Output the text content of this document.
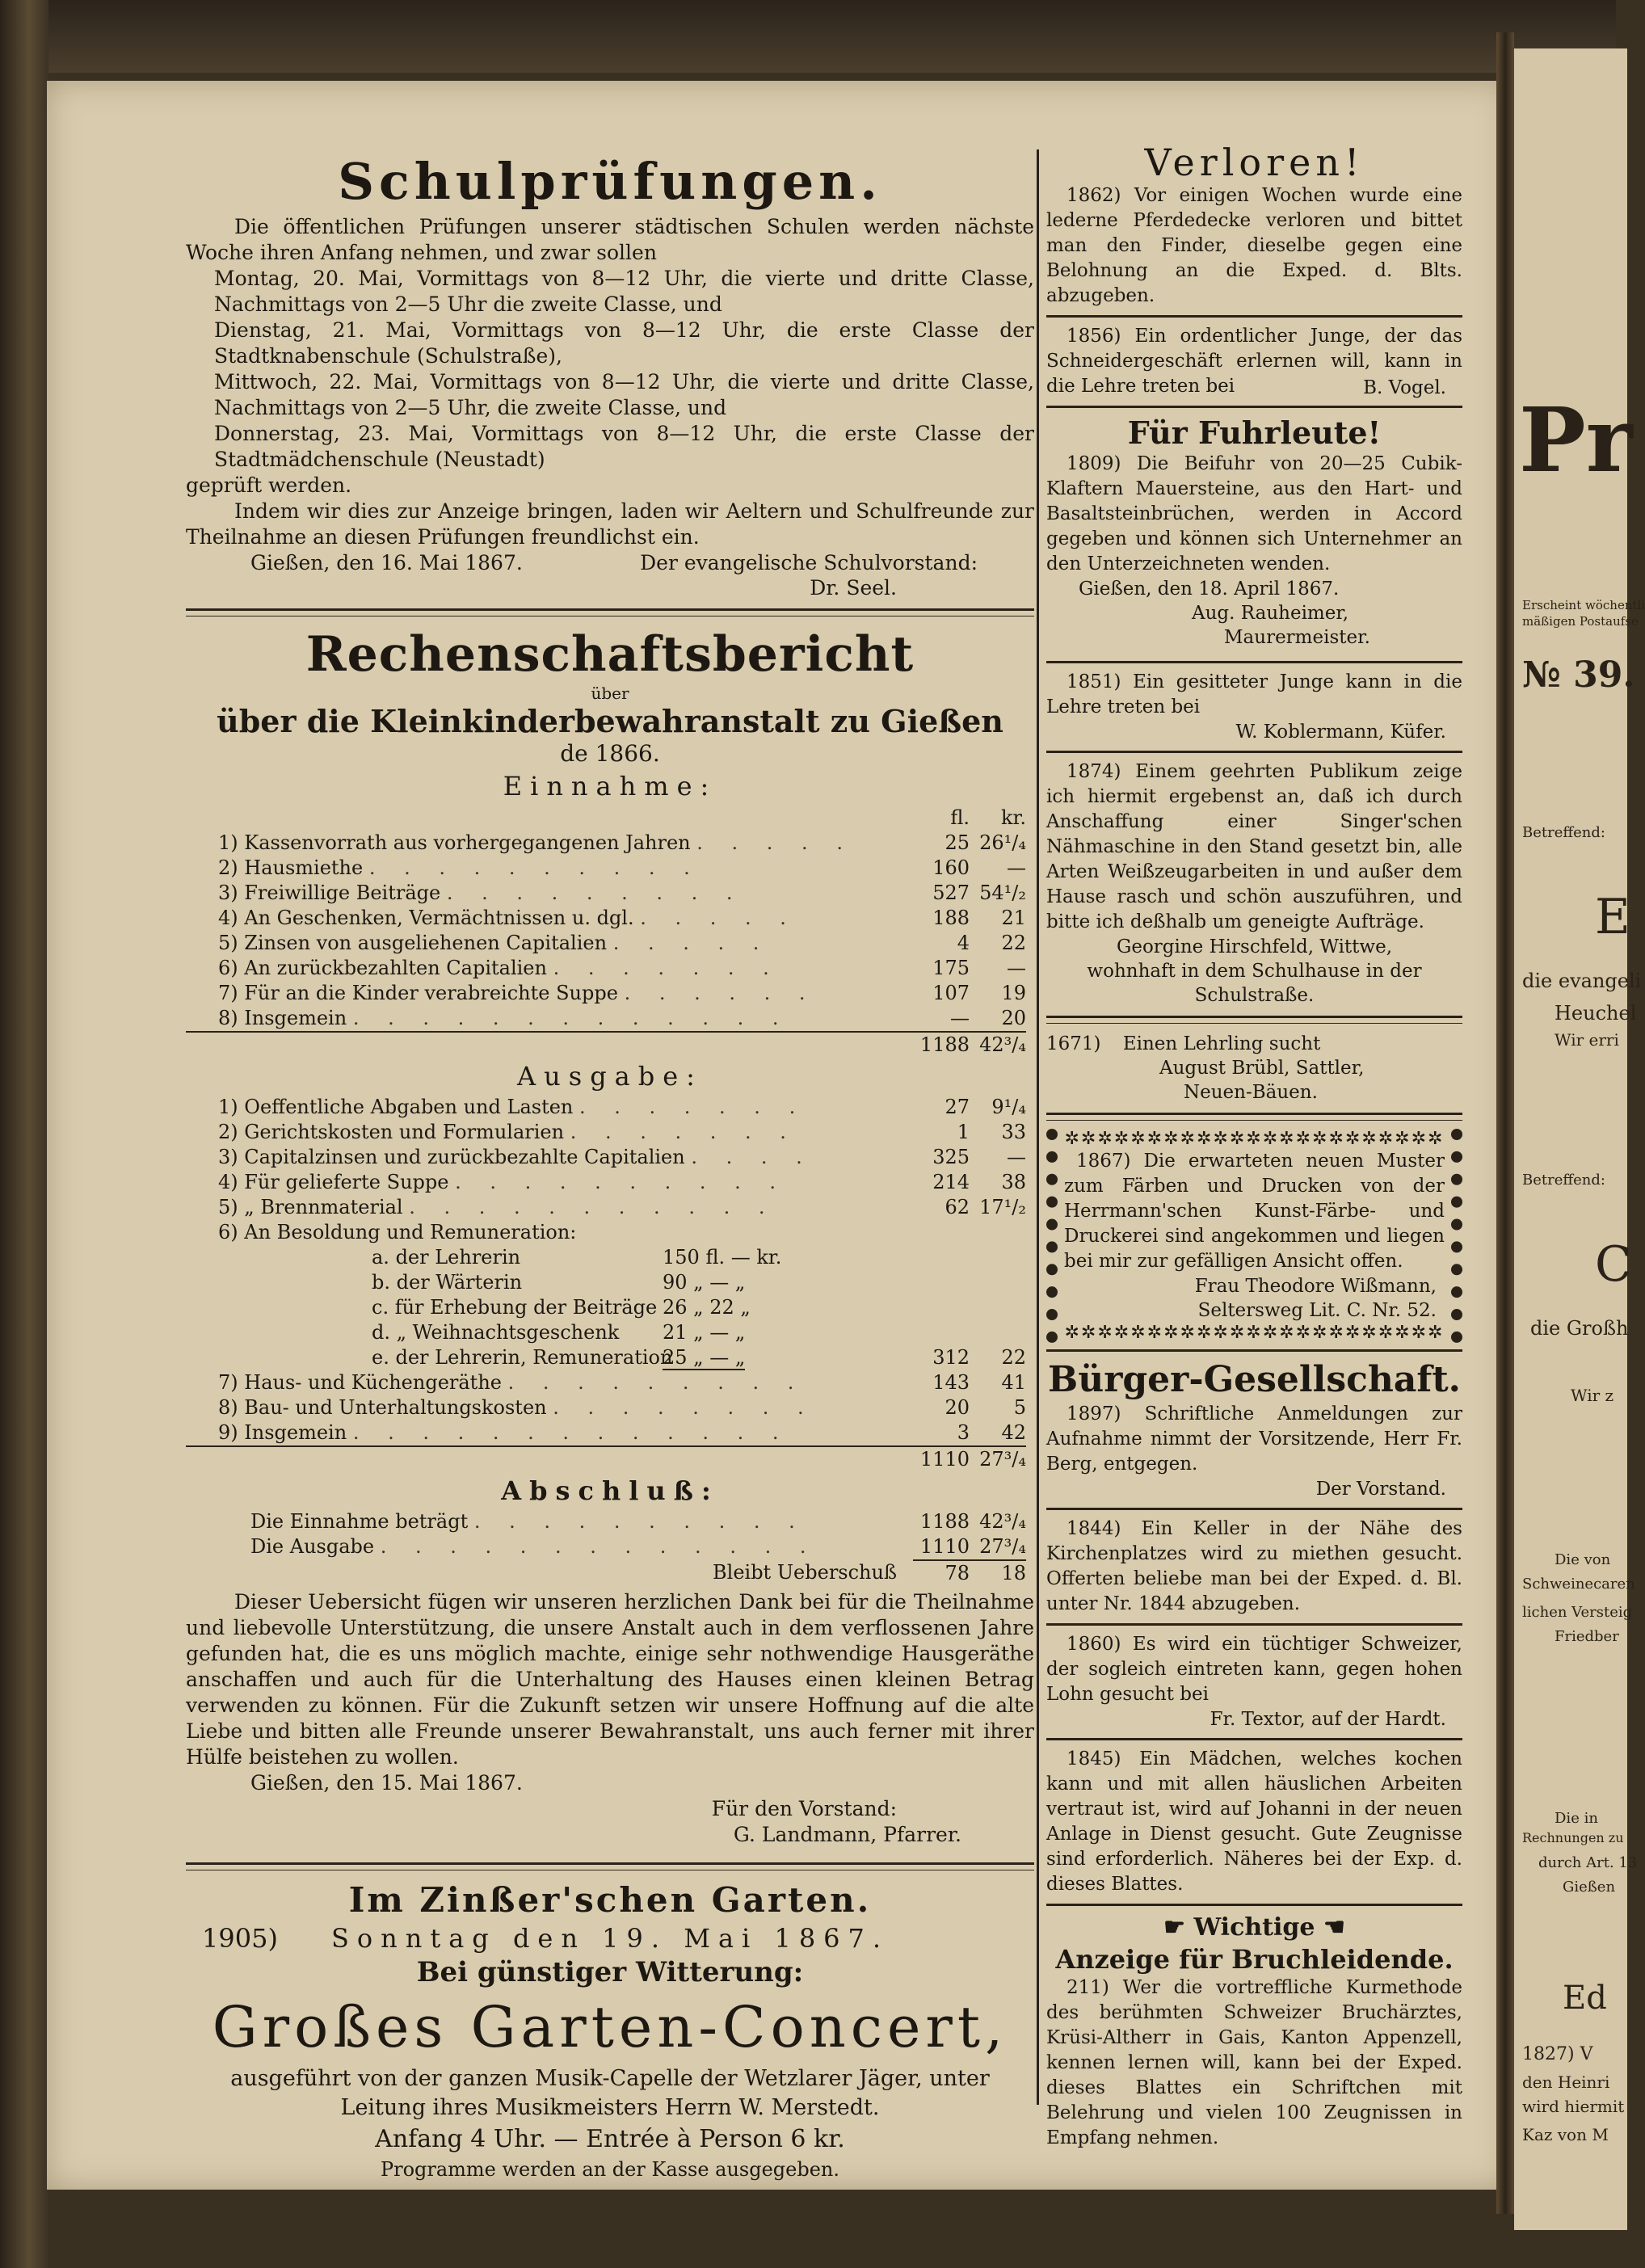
Schulprüfungen.

Die öffentlichen Prüfungen unserer städtischen Schulen werden nächste Woche ihren Anfang nehmen, und zwar sollen

Montag, 20. Mai, Vormittags von 8—12 Uhr, die vierte und dritte Classe, Nachmittags von 2—5 Uhr die zweite Classe, und

Dienstag, 21. Mai, Vormittags von 8—12 Uhr, die erste Classe der Stadtknabenschule (Schulstraße),

Mittwoch, 22. Mai, Vormittags von 8—12 Uhr, die vierte und dritte Classe, Nachmittags von 2—5 Uhr, die zweite Classe, und

Donnerstag, 23. Mai, Vormittags von 8—12 Uhr, die erste Classe der Stadtmädchenschule (Neustadt)

geprüft werden.

Indem wir dies zur Anzeige bringen, laden wir Aeltern und Schulfreunde zur Theilnahme an diesen Prüfungen freundlichst ein.

Gießen, den 16. Mai 1867.	Der evangelische Schulvorstand:
Dr. Seel.
Rechenschaftsbericht
über
über die Kleinkinderbewahranstalt zu Gießen
de 1866.
Einnahme:
	fl.	kr.
1) Kassenvorrath aus vorhergegangenen Jahren . . . . .	25	26¹/₄
2) Hausmiethe . . . . . . . . . .	160	—
3) Freiwillige Beiträge . . . . . . . . .	527	54¹/₂
4) An Geschenken, Vermächtnissen u. dgl. . . . . .	188	21
5) Zinsen von ausgeliehenen Capitalien . . . . .	4	22
6) An zurückbezahlten Capitalien . . . . . . .	175	—
7) Für an die Kinder verabreichte Suppe . . . . . .	107	19
8) Insgemein . . . . . . . . . . . . .	—	20
	1188	42³/₄
Ausgabe:
1) Oeffentliche Abgaben und Lasten . . . . . . .	27	9¹/₄
2) Gerichtskosten und Formularien . . . . . . .	1	33
3) Capitalzinsen und zurückbezahlte Capitalien . . . .	325	—
4) Für gelieferte Suppe . . . . . . . . . .	214	38
5) „ Brennmaterial . . . . . . . . . . .	62	17¹/₂
6) An Besoldung und Remuneration:		
a. der Lehrerin 150 fl. — kr.		
b. der Wärterin 90 „ — „		
c. für Erhebung der Beiträge 26 „ 22 „		
d. „ Weihnachtsgeschenk 21 „ — „		
e. der Lehrerin, Remuneration25 „ — „	312	22
7) Haus- und Küchengeräthe . . . . . . . . .	143	41
8) Bau- und Unterhaltungskosten . . . . . . . .	20	5
9) Insgemein . . . . . . . . . . . . .	3	42
	1110	27³/₄
Abschluß:
Die Einnahme beträgt . . . . . . . . . .	1188	42³/₄
Die Ausgabe . . . . . . . . . . . . .	1110	27³/₄
Bleibt Ueberschuß	78	18

Dieser Uebersicht fügen wir unseren herzlichen Dank bei für die Theilnahme und liebevolle Unterstützung, die unsere Anstalt auch in dem verflossenen Jahre gefunden hat, die es uns möglich machte, einige sehr nothwendige Hausgeräthe anschaffen und auch für die Unterhaltung des Hauses einen kleinen Betrag verwenden zu können. Für die Zukunft setzen wir unsere Hoffnung auf die alte Liebe und bitten alle Freunde unserer Bewahranstalt, uns auch ferner mit ihrer Hülfe beistehen zu wollen.

Gießen, den 15. Mai 1867.
Für den Vorstand:
G. Landmann, Pfarrer.
Im Zinßer'schen Garten.
1905)	Sonntag den 19. Mai 1867.
Bei günstiger Witterung:
Großes Garten-Concert,

ausgeführt von der ganzen Musik-Capelle der Wetzlarer Jäger, unter Leitung ihres Musikmeisters Herrn W. Merstedt.

Anfang 4 Uhr. — Entrée à Person 6 kr.
Programme werden an der Kasse ausgegeben.
Verloren!

1862) Vor einigen Wochen wurde eine lederne Pferdedecke verloren und bittet man den Finder, dieselbe gegen eine Belohnung an die Exped. d. Blts. abzugeben.

1856) Ein ordentlicher Junge, der das Schneidergeschäft erlernen will, kann in die Lehre treten bei	B. Vogel.
Für Fuhrleute!

1809) Die Beifuhr von 20—25 Cubik-Klaftern Mauersteine, aus den Hart- und Basaltsteinbrüchen, werden in Accord gegeben und können sich Unternehmer an den Unterzeichneten wenden.

Gießen, den 18. April 1867.
Aug. Rauheimer,
Maurermeister.

1851) Ein gesitteter Junge kann in die Lehre treten bei

W. Koblermann, Küfer.

1874) Einem geehrten Publikum zeige ich hiermit ergebenst an, daß ich durch Anschaffung einer Singer'schen Nähmaschine in den Stand gesetzt bin, alle Arten Weißzeugarbeiten in und außer dem Hause rasch und schön auszuführen, und bitte ich deßhalb um geneigte Aufträge.

Georgine Hirschfeld, Wittwe,
wohnhaft in dem Schulhause in der Schulstraße.
1671) Einen Lehrling sucht
August Brübl, Sattler,
Neuen-Bäuen.
✲✲✲✲✲✲✲✲✲✲✲✲✲✲✲✲✲✲✲✲✲✲✲

1867) Die erwarteten neuen Muster zum Färben und Drucken von der Herrmann'schen Kunst-Färbe- und Druckerei sind angekommen und liegen bei mir zur gefälligen Ansicht offen.

Frau Theodore Wißmann,
Seltersweg Lit. C. Nr. 52.
✲✲✲✲✲✲✲✲✲✲✲✲✲✲✲✲✲✲✲✲✲✲✲
Bürger-Gesellschaft.

1897) Schriftliche Anmeldungen zur Aufnahme nimmt der Vorsitzende, Herr Fr. Berg, entgegen.

Der Vorstand.

1844) Ein Keller in der Nähe des Kirchenplatzes wird zu miethen gesucht. Offerten beliebe man bei der Exped. d. Bl. unter Nr. 1844 abzugeben.

1860) Es wird ein tüchtiger Schweizer, der sogleich eintreten kann, gegen hohen Lohn gesucht bei

Fr. Textor, auf der Hardt.

1845) Ein Mädchen, welches kochen kann und mit allen häuslichen Arbeiten vertraut ist, wird auf Johanni in der neuen Anlage in Dienst gesucht. Gute Zeugnisse sind erforderlich. Näheres bei der Exp. d. dieses Blattes.

☛ Wichtige ☚
Anzeige für Bruchleidende.

211) Wer die vortreffliche Kurmethode des berühmten Schweizer Bruchärztes, Krüsi-Altherr in Gais, Kanton Appenzell, kennen lernen will, kann bei der Exped. dieses Blattes ein Schriftchen mit Belehrung und vielen 100 Zeugnissen in Empfang nehmen.

Pr
Erscheint wöchentli
mäßigen Postaufse
№ 39.
Betreffend:
E
die evangeli
Heuchel
Wir erri
Betreffend:
C
die Großh
Wir z
Die von
Schweinecaren
lichen Versteig
Friedber
Die in
Rechnungen zu
durch Art. 13
Gießen
Ed
1827) V
den Heinri
wird hiermit
Kaz von M
